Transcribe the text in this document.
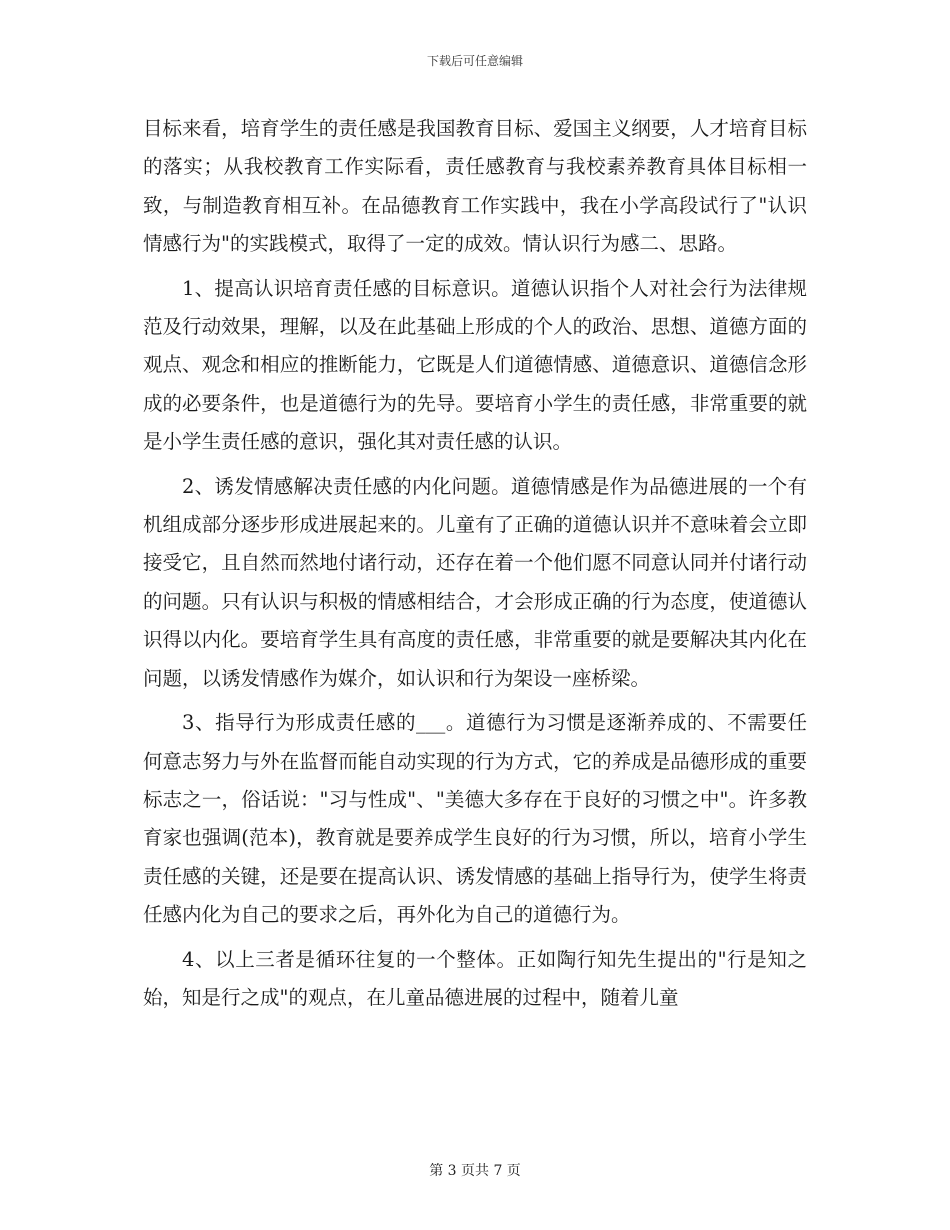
下载后可任意编辑

目标来看，培育学生的责任感是我国教育目标、爱国主义纲要，人才培育目标的落实；从我校教育工作实际看，责任感教育与我校素养教育具体目标相一致，与制造教育相互补。在品德教育工作实践中，我在小学高段试行了"认识情感行为"的实践模式，取得了一定的成效。情认识行为感二、思路。

1、提高认识培育责任感的目标意识。道德认识指个人对社会行为法律规范及行动效果，理解，以及在此基础上形成的个人的政治、思想、道德方面的观点、观念和相应的推断能力，它既是人们道德情感、道德意识、道德信念形成的必要条件，也是道德行为的先导。要培育小学生的责任感，非常重要的就是小学生责任感的意识，强化其对责任感的认识。

2、诱发情感解决责任感的内化问题。道德情感是作为品德进展的一个有机组成部分逐步形成进展起来的。儿童有了正确的道德认识并不意味着会立即接受它，且自然而然地付诸行动，还存在着一个他们愿不同意认同并付诸行动的问题。只有认识与积极的情感相结合，才会形成正确的行为态度，使道德认识得以内化。要培育学生具有高度的责任感，非常重要的就是要解决其内化在问题，以诱发情感作为媒介，如认识和行为架设一座桥梁。

3、指导行为形成责任感的___。道德行为习惯是逐渐养成的、不需要任何意志努力与外在监督而能自动实现的行为方式，它的养成是品德形成的重要标志之一，俗话说："习与性成"、"美德大多存在于良好的习惯之中"。许多教育家也强调(范本)，教育就是要养成学生良好的行为习惯，所以，培育小学生责任感的关键，还是要在提高认识、诱发情感的基础上指导行为，使学生将责任感内化为自己的要求之后，再外化为自己的道德行为。

4、以上三者是循环往复的一个整体。正如陶行知先生提出的"行是知之始，知是行之成"的观点，在儿童品德进展的过程中，随着儿童

第 3 页共 7 页
